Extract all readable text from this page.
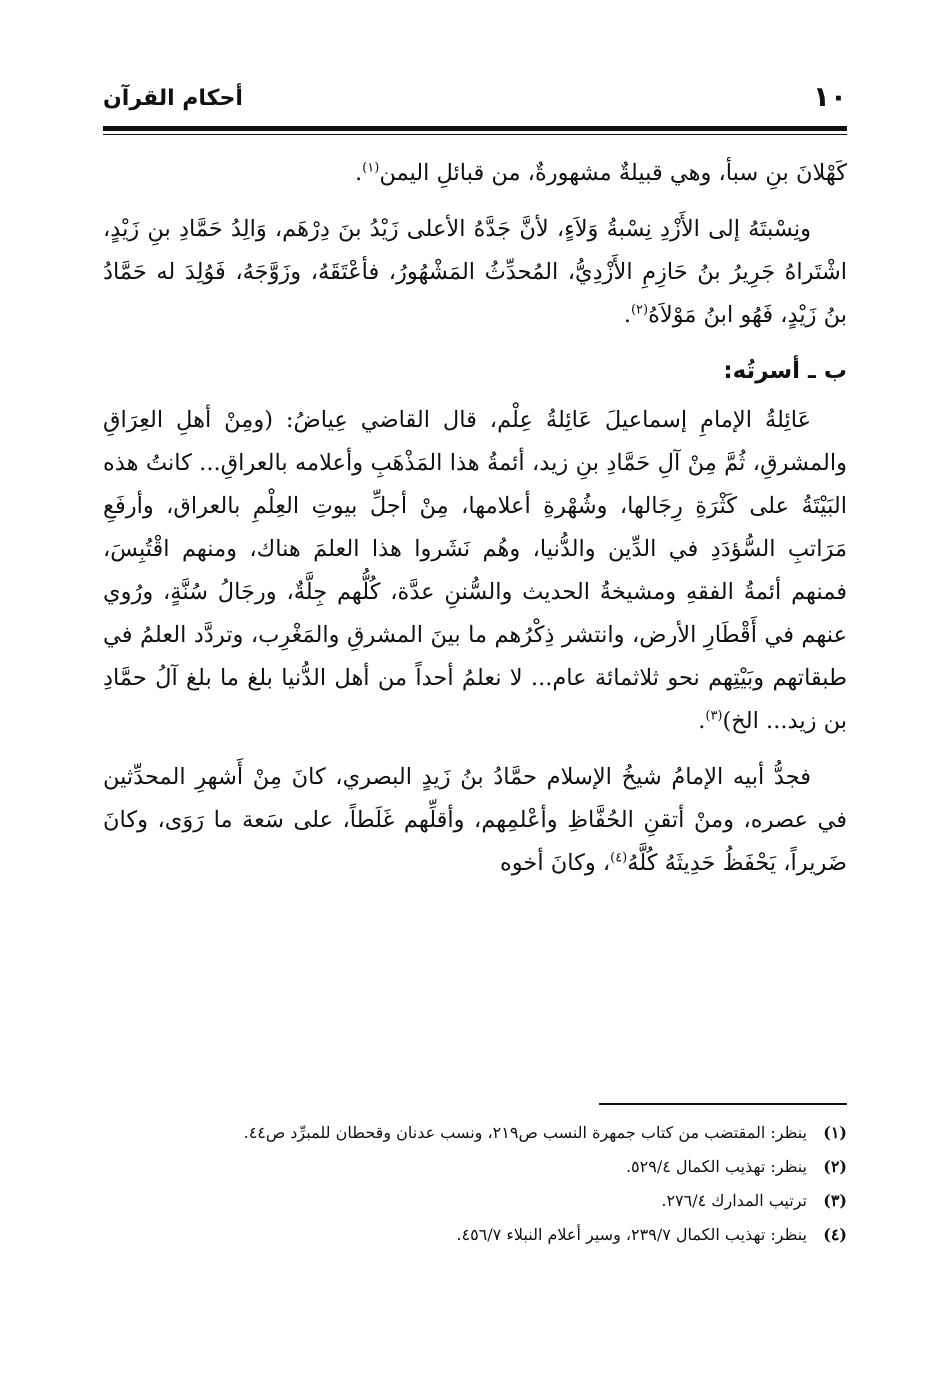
١٠
أحكام القرآن

كَهْلانَ بنِ سبأ، وهي قبيلةٌ مشهورةٌ، من قبائلِ اليمن$^{(١)}$.

ونِسْبتَهُ إلى الأَزْدِ نِسْبةُ وَلاَءٍ، لأنَّ جَدَّهُ الأعلى زَيْدُ بنَ دِرْهَم، وَالِدُ حَمَّادِ بنِ زَيْدٍ، اشْتَراهُ جَرِيرُ بنُ حَازِمِ الأَزْدِيُّ، المُحدِّثُ المَشْهُورُ، فأعْتَقَهُ، وزَوَّجَهُ، فَوُلِدَ له حَمَّادُ بنُ زَيْدٍ، فَهُو ابنُ مَوْلاَهُ$^{(٢)}$.

ب ـ أسرتُه:

عَائِلةُ الإمامِ إسماعيلَ عَائِلةُ عِلْم، قال القاضي عِياضُ: (ومِنْ أهلِ العِرَاقِ والمشرقِ، ثُمَّ مِنْ آلِ حَمَّادِ بنِ زيد، أئمةُ هذا المَذْهَبِ وأعلامه بالعراقِ... كانتُ هذه البَيْتَةُ على كَثْرَةِ رِجَالها، وشُهْرةِ أعلامها، مِنْ أجلِّ بيوتِ العِلْمِ بالعراق، وأرفَعِ مَرَاتبِ السُّؤدَدِ في الدِّين والدُّنيا، وهُم نَشَروا هذا العلمَ هناك، ومنهم اقْتُبِسَ، فمنهم أئمةُ الفقهِ ومشيخةُ الحديث والسُّننِ عدَّة، كُلُّهم جِلَّةٌ، ورجَالُ سُنَّةٍ، ورُوي عنهم في أَقْطَارِ الأرض، وانتشر ذِكْرُهم ما بينَ المشرقِ والمَغْرِب، وتردَّد العلمُ في طبقاتهم وبَيْتِهم نحو ثلاثمائة عام... لا نعلمُ أحداً من أهل الدُّنيا بلغ ما بلغ آلُ حمَّادِ بن زيد... الخ)$^{(٣)}$.

فجدُّ أبيه الإمامُ شيخُ الإسلام حمَّادُ بنُ زَيدٍ البصري، كانَ مِنْ أَشهرِ المحدِّثين في عصره، ومنْ أتقنِ الحُفَّاظِ وأعْلمِهم، وأقلِّهم غَلَطاً، على سَعة ما رَوَى، وكانَ ضَريراً، يَحْفَظُ حَدِيثَهُ كُلَّهُ$^{(٤)}$، وكانَ أخوه

(١)
ينظر: المقتضب من كتاب جمهرة النسب ص٢١٩، ونسب عدنان وقحطان للمبرِّد ص٤٤.
(٢)
ينظر: تهذيب الكمال ٥٢٩/٤.
(٣)
ترتيب المدارك ٢٧٦/٤.
(٤)
ينظر: تهذيب الكمال ٢٣٩/٧، وسير أعلام النبلاء ٤٥٦/٧.
